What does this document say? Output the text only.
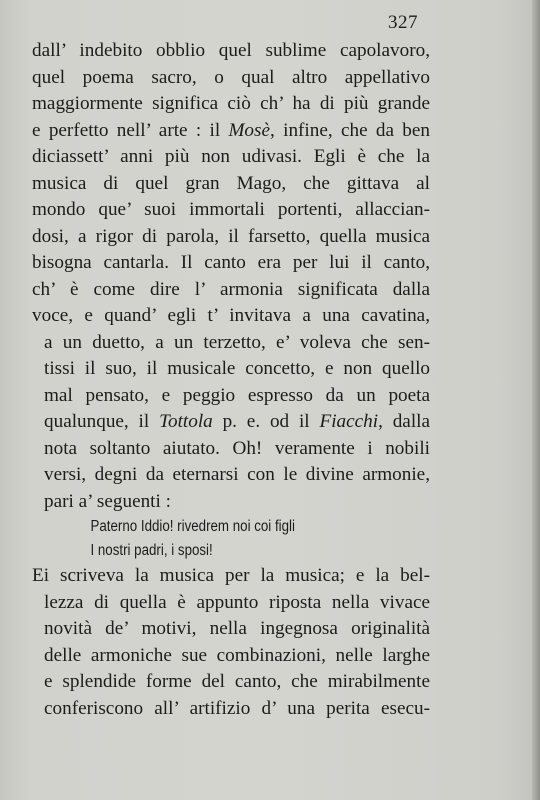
327
dall’ indebito obblio quel sublime capolavoro,
quel poema sacro, o qual altro appellativo
maggiormente significa ciò ch’ ha di più grande
e perfetto nell’ arte : il Mosè, infine, che da ben
diciassett’ anni più non udivasi. Egli è che la
musica di quel gran Mago, che gittava al
mondo que’ suoi immortali portenti, allaccian-
dosi, a rigor di parola, il farsetto, quella musica
bisogna cantarla. Il canto era per lui il canto,
ch’ è come dire l’ armonia significata dalla
voce, e quand’ egli t’ invitava a una cavatina,
a un duetto, a un terzetto, e’ voleva che sen-
tissi il suo, il musicale concetto, e non quello
mal pensato, e peggio espresso da un poeta
qualunque, il Tottola p. e. od il Fiacchi, dalla
nota soltanto aiutato. Oh! veramente i nobili
versi, degni da eternarsi con le divine armonie,
pari a’ seguenti :
Paterno Iddio! rivedrem noi coi figli
I nostri padri, i sposi!
Ei scriveva la musica per la musica; e la bel-
lezza di quella è appunto riposta nella vivace
novità de’ motivi, nella ingegnosa originalità
delle armoniche sue combinazioni, nelle larghe
e splendide forme del canto, che mirabilmente
conferiscono all’ artifizio d’ una perita esecu-
